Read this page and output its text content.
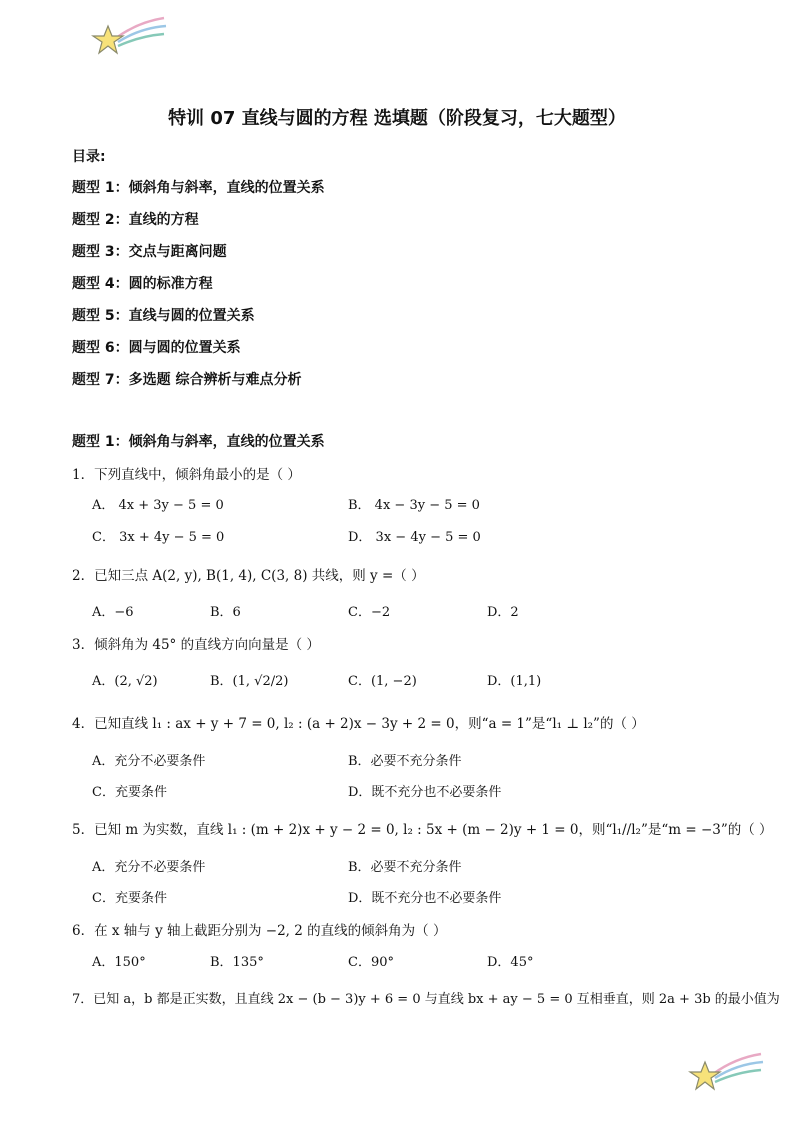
特训 07 直线与圆的方程 选填题（阶段复习，七大题型）
目录:
题型 1：倾斜角与斜率，直线的位置关系
题型 2：直线的方程
题型 3：交点与距离问题
题型 4：圆的标准方程
题型 5：直线与圆的位置关系
题型 6：圆与圆的位置关系
题型 7：多选题 综合辨析与难点分析
题型 1：倾斜角与斜率，直线的位置关系
1．下列直线中，倾斜角最小的是（ ）
A． 4x + 3y − 5 = 0	B． 4x − 3y − 5 = 0
C． 3x + 4y − 5 = 0	D． 3x − 4y − 5 = 0
2．已知三点 A(2, y), B(1, 4), C(3, 8) 共线，则 y =（ ）
A．−6	B．6	C．−2	D．2
3．倾斜角为 45° 的直线方向向量是（ ）
A．(2, √2)	B．(1, √2/2)	C．(1, −2)	D．(1,1)
4．已知直线 l₁ : ax + y + 7 = 0, l₂ : (a + 2)x − 3y + 2 = 0，则“a = 1”是“l₁ ⊥ l₂”的（ ）
A．充分不必要条件	B．必要不充分条件
C．充要条件	D．既不充分也不必要条件
5．已知 m 为实数，直线 l₁ : (m + 2)x + y − 2 = 0, l₂ : 5x + (m − 2)y + 1 = 0，则“l₁//l₂”是“m = −3”的（ ）
A．充分不必要条件	B．必要不充分条件
C．充要条件	D．既不充分也不必要条件
6．在 x 轴与 y 轴上截距分别为 −2, 2 的直线的倾斜角为（ ）
A．150°	B．135°	C．90°	D．45°
7．已知 a，b 都是正实数，且直线 2x − (b − 3)y + 6 = 0 与直线 bx + ay − 5 = 0 互相垂直，则 2a + 3b 的最小值为
